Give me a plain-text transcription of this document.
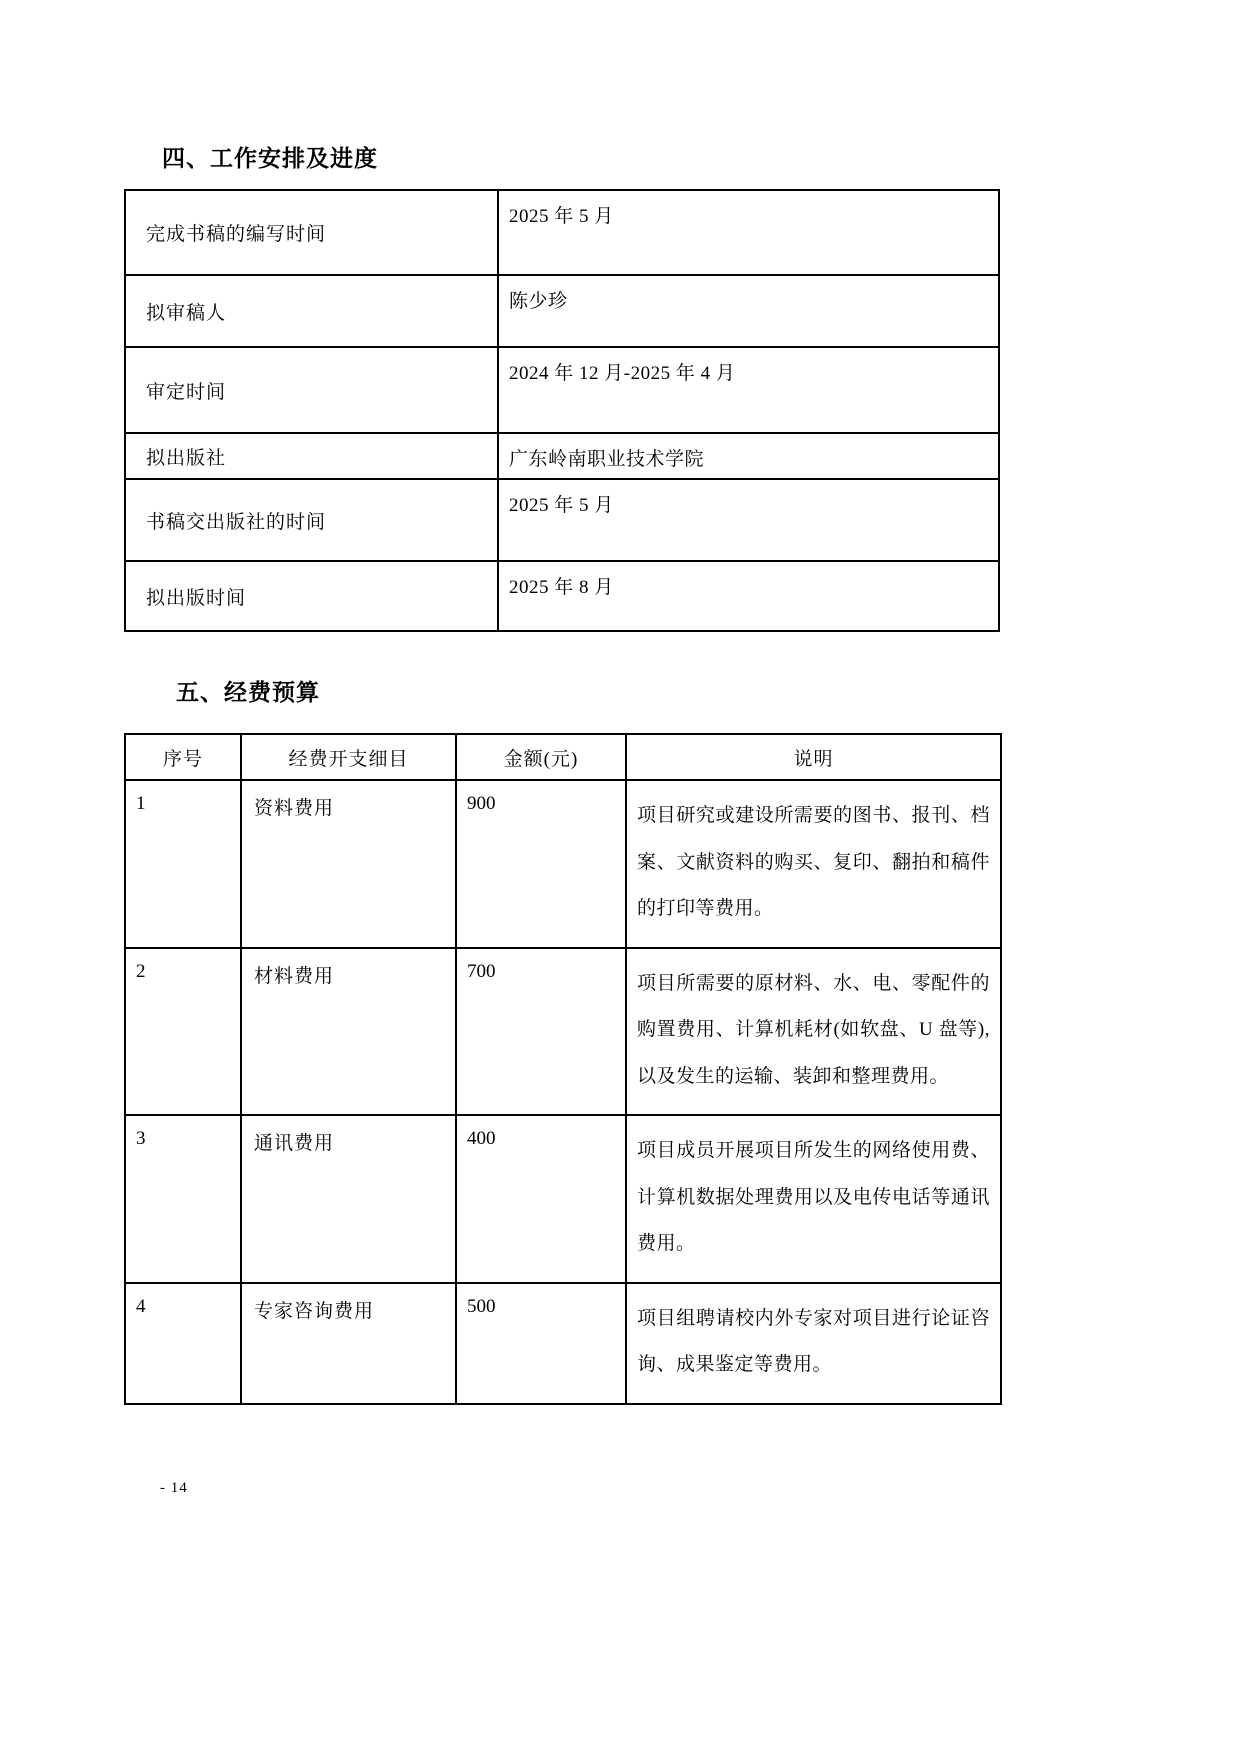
四、工作安排及进度
完成书稿的编写时间	2025 年 5 月
拟审稿人	陈少珍
审定时间	2024 年 12 月-2025 年 4 月
拟出版社	广东岭南职业技术学院
书稿交出版社的时间	2025 年 5 月
拟出版时间	2025 年 8 月
五、经费预算
序号	经费开支细目	金额(元)	说明
1	资料费用	900	项目研究或建设所需要的图书、报刊、档案、文献资料的购买、复印、翻拍和稿件的打印等费用。
2	材料费用	700	项目所需要的原材料、水、电、零配件的购置费用、计算机耗材(如软盘、U 盘等),以及发生的运输、装卸和整理费用。
3	通讯费用	400	项目成员开展项目所发生的网络使用费、计算机数据处理费用以及电传电话等通讯费用。
4	专家咨询费用	500	项目组聘请校内外专家对项目进行论证咨询、成果鉴定等费用。
- 14
